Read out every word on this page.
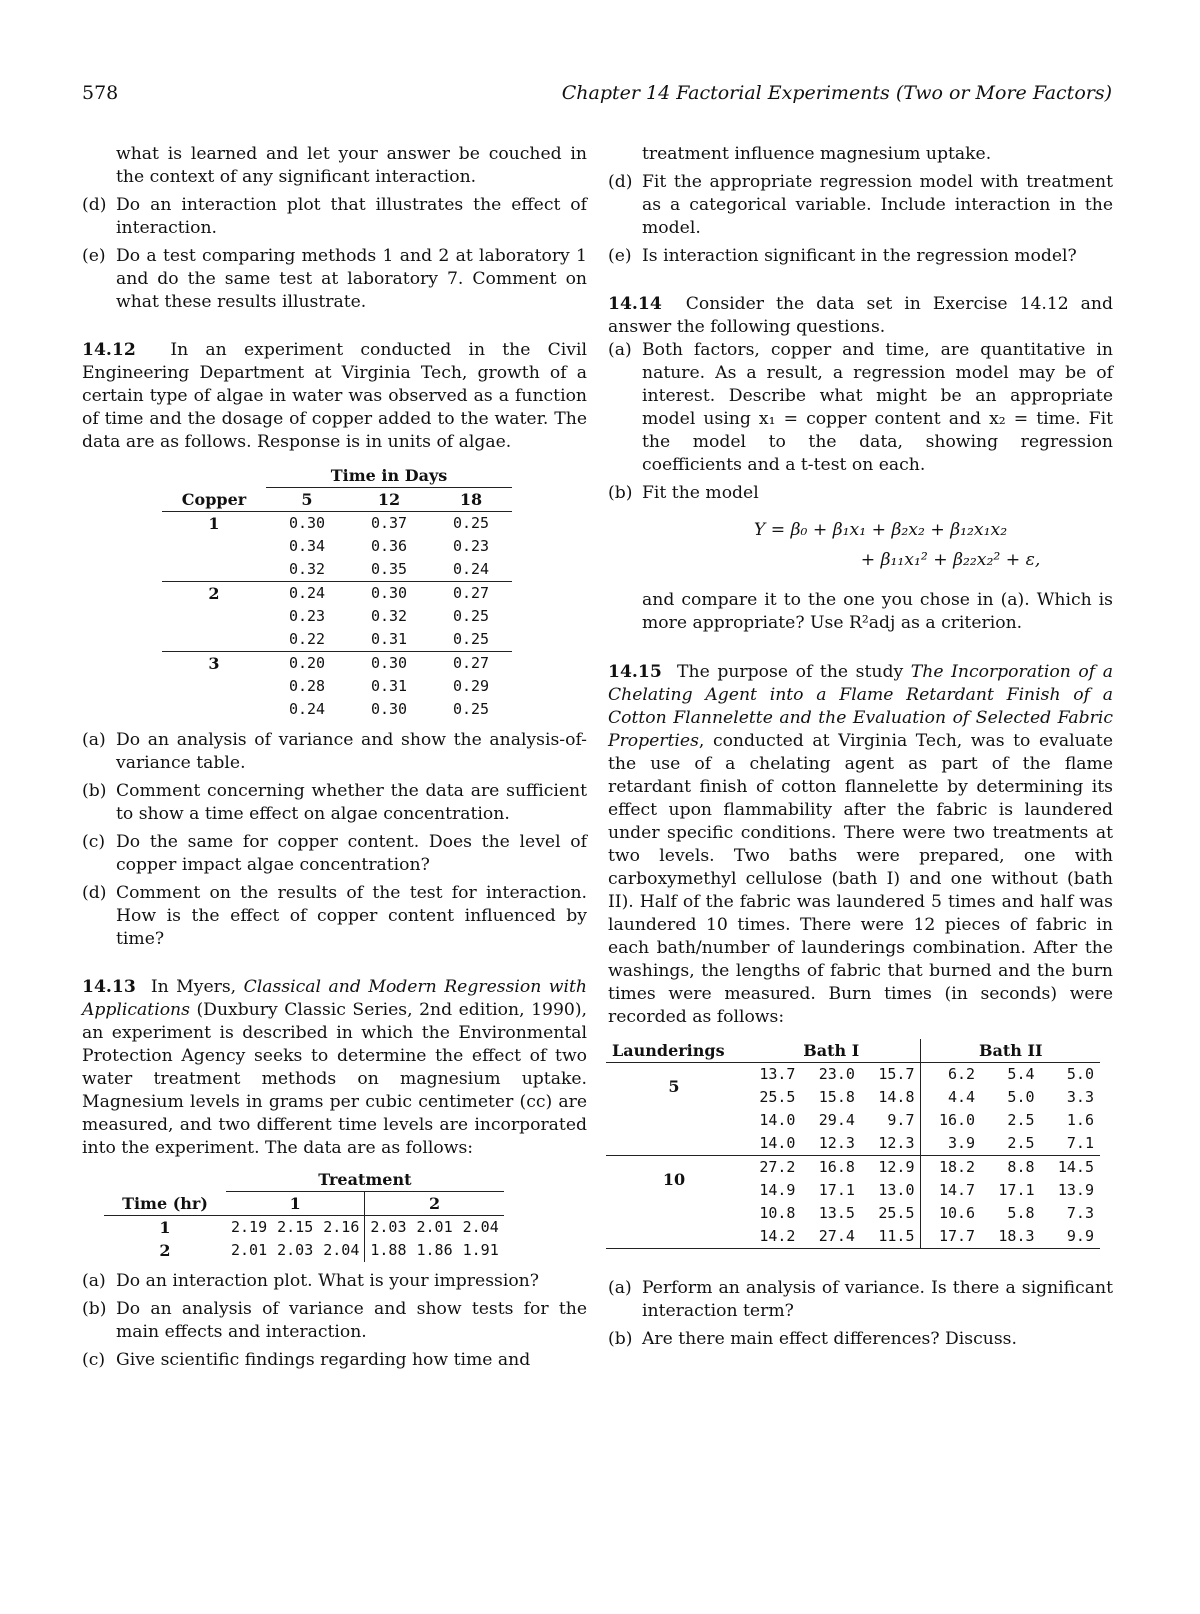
578	Chapter 14 Factorial Experiments (Two or More Factors)

what is learned and let your answer be couched in the context of any significant interaction.

(d) Do an interaction plot that illustrates the effect of interaction.
(e) Do a test comparing methods 1 and 2 at laboratory 1 and do the same test at laboratory 7. Comment on what these results illustrate.

14.12 In an experiment conducted in the Civil Engineering Department at Virginia Tech, growth of a certain type of algae in water was observed as a function of time and the dosage of copper added to the water. The data are as follows. Response is in units of algae.

	Time in Days		
Copper	5	12	18
1	0.30	0.37	0.25
	0.34	0.36	0.23
	0.32	0.35	0.24
2	0.24	0.30	0.27
	0.23	0.32	0.25
	0.22	0.31	0.25
3	0.20	0.30	0.27
	0.28	0.31	0.29
	0.24	0.30	0.25
(a) Do an analysis of variance and show the analysis-of-variance table.
(b) Comment concerning whether the data are sufficient to show a time effect on algae concentration.
(c) Do the same for copper content. Does the level of copper impact algae concentration?
(d) Comment on the results of the test for interaction. How is the effect of copper content influenced by time?

14.13 In Myers, Classical and Modern Regression with Applications (Duxbury Classic Series, 2nd edition, 1990), an experiment is described in which the Environmental Protection Agency seeks to determine the effect of two water treatment methods on magnesium uptake. Magnesium levels in grams per cubic centimeter (cc) are measured, and two different time levels are incorporated into the experiment. The data are as follows:

	Treatment					
Time (hr)	1			2		
1	2.19	2.15	2.16	2.03	2.01	2.04
2	2.01	2.03	2.04	1.88	1.86	1.91
(a) Do an interaction plot. What is your impression?
(b) Do an analysis of variance and show tests for the main effects and interaction.
(c) Give scientific findings regarding how time and

treatment influence magnesium uptake.

(d) Fit the appropriate regression model with treatment as a categorical variable. Include interaction in the model.
(e) Is interaction significant in the regression model?

14.14 Consider the data set in Exercise 14.12 and answer the following questions.

(a) Both factors, copper and time, are quantitative in nature. As a result, a regression model may be of interest. Describe what might be an appropriate model using x₁ = copper content and x₂ = time. Fit the model to the data, showing regression coefficients and a t-test on each.
(b) Fit the model
Y = β₀ + β₁x₁ + β₂x₂ + β₁₂x₁x₂
+ β₁₁x₁² + β₂₂x₂² + ε,

and compare it to the one you chose in (a). Which is more appropriate? Use R²adj as a criterion.

14.15 The purpose of the study The Incorporation of a Chelating Agent into a Flame Retardant Finish of a Cotton Flannelette and the Evaluation of Selected Fabric Properties, conducted at Virginia Tech, was to evaluate the use of a chelating agent as part of the flame retardant finish of cotton flannelette by determining its effect upon flammability after the fabric is laundered under specific conditions. There were two treatments at two levels. Two baths were prepared, one with carboxymethyl cellulose (bath I) and one without (bath II). Half of the fabric was laundered 5 times and half was laundered 10 times. There were 12 pieces of fabric in each bath/number of launderings combination. After the washings, the lengths of fabric that burned and the burn times were measured. Burn times (in seconds) were recorded as follows:

Launderings	Bath I			Bath II		
5	13.7	23.0	15.7	6.2	5.4	5.0
	25.5	15.8	14.8	4.4	5.0	3.3
	14.0	29.4	9.7	16.0	2.5	1.6
	14.0	12.3	12.3	3.9	2.5	7.1
10	27.2	16.8	12.9	18.2	8.8	14.5
	14.9	17.1	13.0	14.7	17.1	13.9
	10.8	13.5	25.5	10.6	5.8	7.3
	14.2	27.4	11.5	17.7	18.3	9.9
(a) Perform an analysis of variance. Is there a significant interaction term?
(b) Are there main effect differences? Discuss.
